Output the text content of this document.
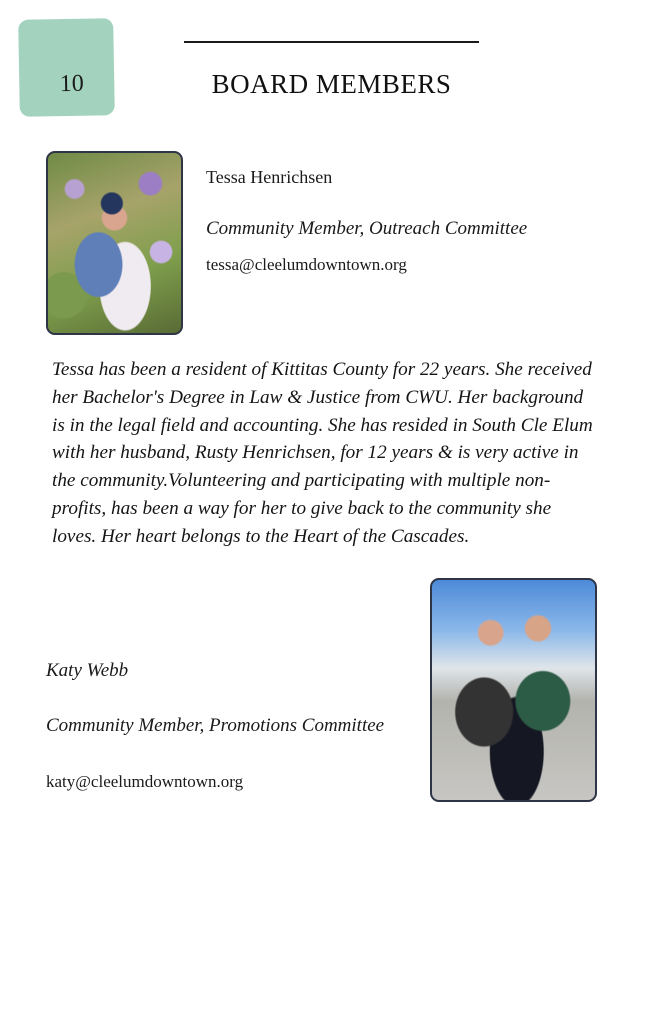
10	BOARD MEMBERS
Tessa Henrichsen
Community Member, Outreach Committee
tessa@cleelumdowntown.org
Tessa has been a resident of Kittitas County for 22 years. She received her Bachelor's Degree in Law & Justice from CWU. Her background is in the legal field and accounting. She has resided in South Cle Elum with her husband, Rusty Henrichsen, for 12 years & is very active in the community.Volunteering and participating with multiple non-profits, has been a way for her to give back to the community she loves. Her heart belongs to the Heart of the Cascades.
Katy Webb
Community Member, Promotions Committee
katy@cleelumdowntown.org
